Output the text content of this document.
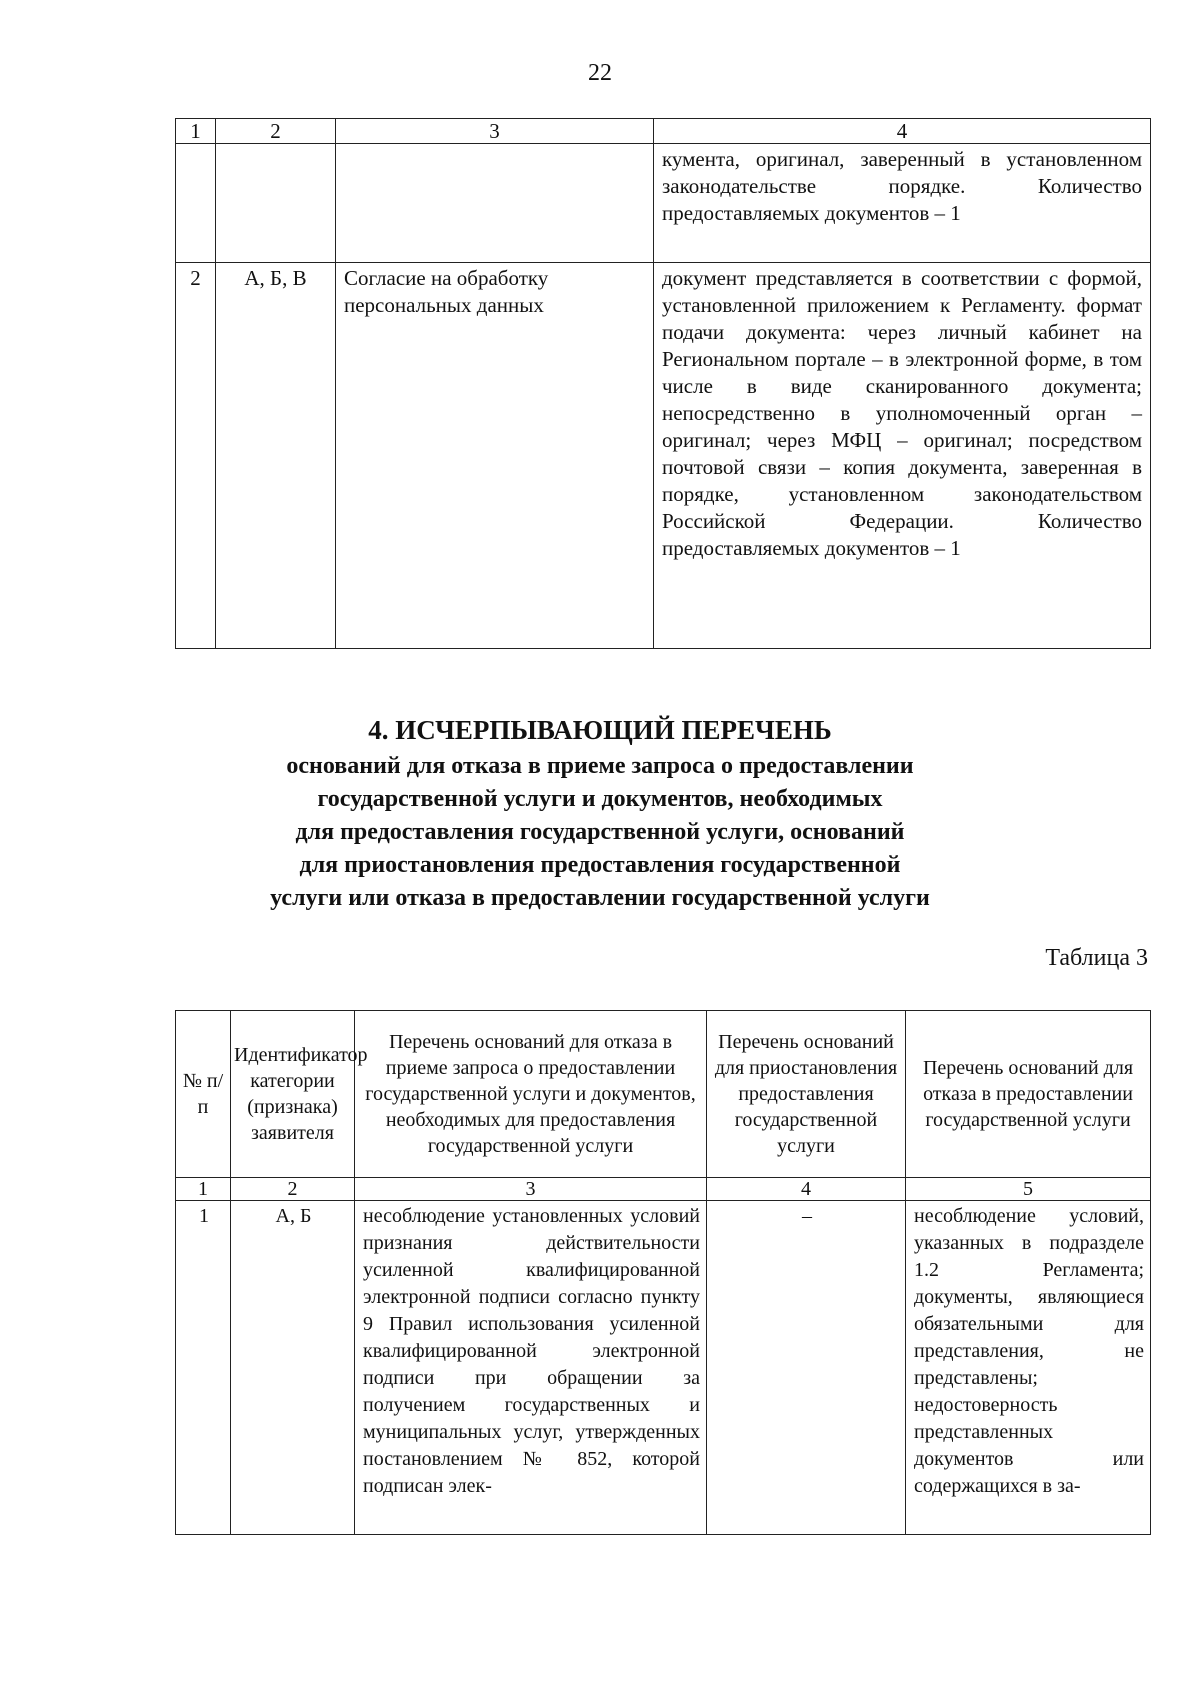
22
1	2	3	4
			кумента, оригинал, заверенный в установленном законодательстве порядке. Количество предоставляемых документов – 1
2	А, Б, В	Согласие на обработку персональных данных	документ представляется в соответствии с формой, установленной приложением к Регламенту. формат подачи документа: через личный кабинет на Региональном портале – в электронной форме, в том числе в виде сканированного документа; непосредственно в уполномоченный орган – оригинал; через МФЦ – оригинал; посредством почтовой связи – копия документа, заверенная в порядке, установленном законодательством Российской Федерации. Количество предоставляемых документов – 1
4. ИСЧЕРПЫВАЮЩИЙ ПЕРЕЧЕНЬ
оснований для отказа в приеме запроса о предоставлении
государственной услуги и документов, необходимых
для предоставления государственной услуги, оснований
для приостановления предоставления государственной
услуги или отказа в предоставлении государственной услуги
Таблица 3
№ п/п	Идентификатор категории (признака) заявителя	Перечень оснований для отказа в приеме запроса о предоставлении государственной услуги и документов, необходимых для предоставления государственной услуги	Перечень оснований для приостановления предоставления государственной услуги	Перечень оснований для отказа в предоставлении государственной услуги
1	2	3	4	5
1	А, Б	несоблюдение установленных условий признания действительности усиленной квалифицированной электронной подписи согласно пункту 9 Правил использования усиленной квалифицированной электронной подписи при обращении за получением государственных и муниципальных услуг, утвержденных постановлением № 852, которой подписан элек-	–	несоблюдение условий, указанных в подразделе 1.2 Регламента; документы, являющиеся обязательными для представления, не представлены; недостоверность представленных документов или содержащихся в за-
